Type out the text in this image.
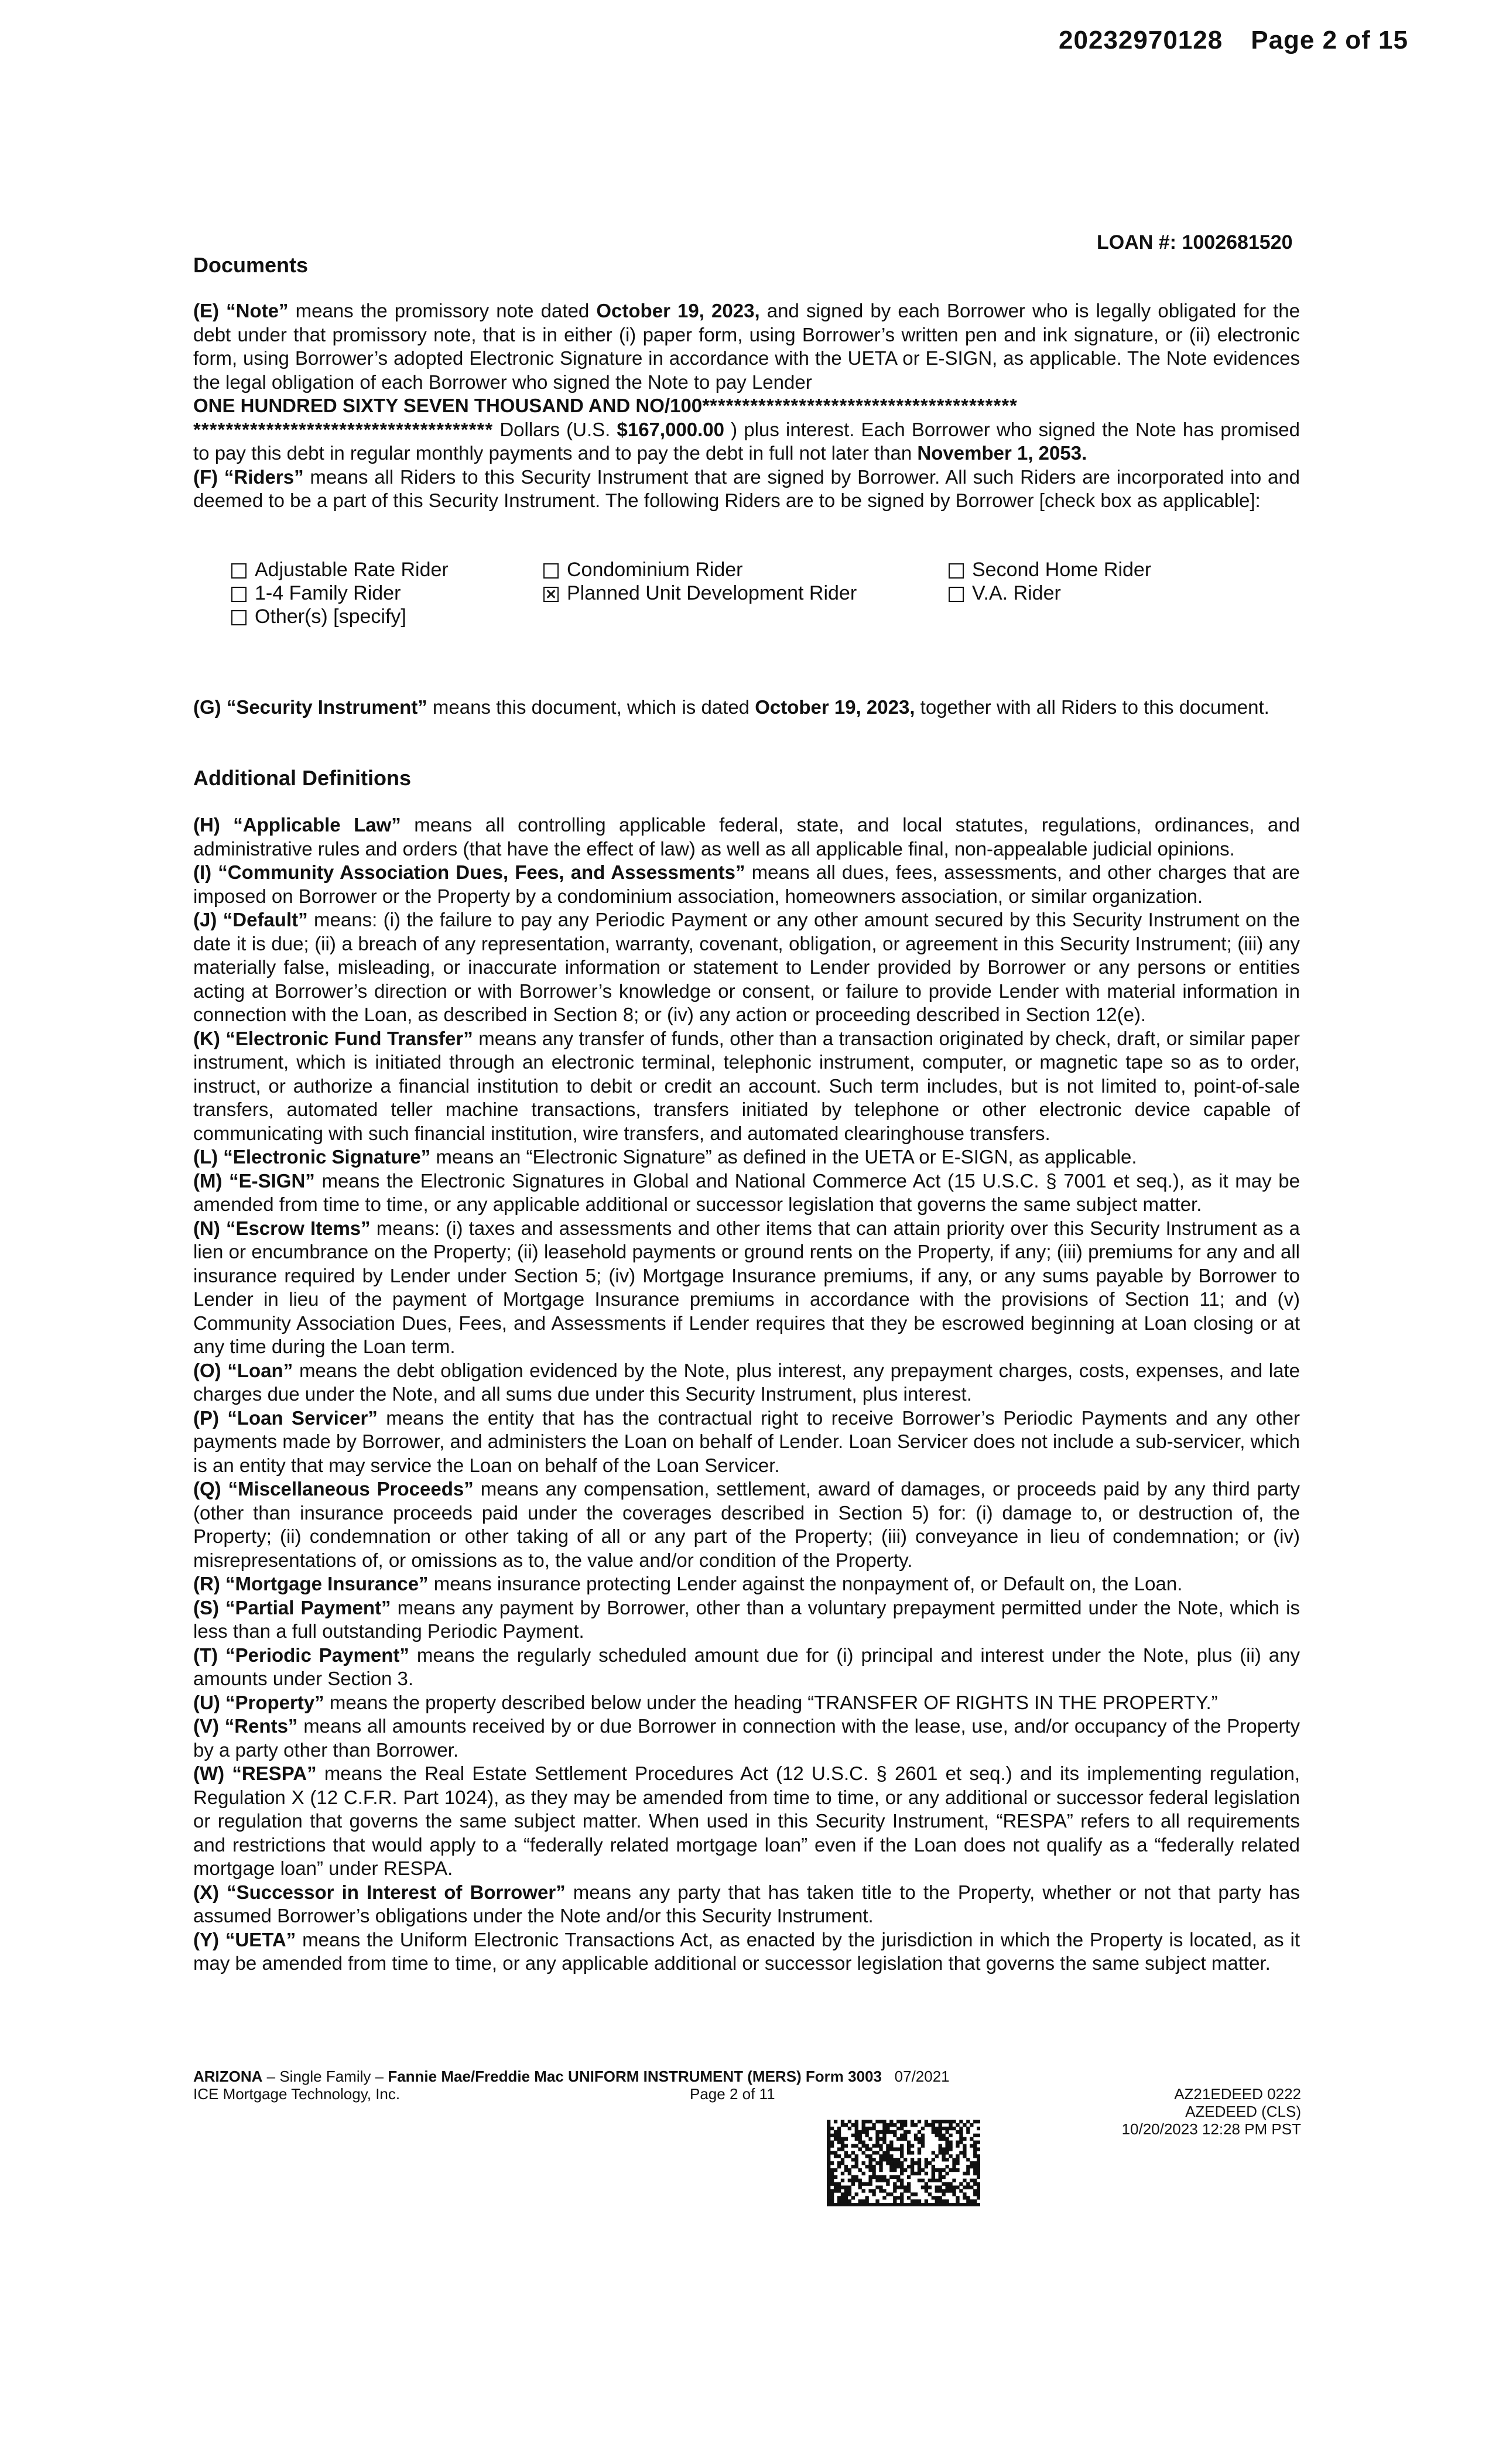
20232970128 Page 2 of 15
Documents
LOAN #: 1002681520

(E) “Note” means the promissory note dated October 19, 2023, and signed by each Borrower who is legally obligated for the debt under that promissory note, that is in either (i) paper form, using Borrower’s written pen and ink signature, or (ii) electronic form, using Borrower’s adopted Electronic Signature in accordance with the UETA or E-SIGN, as applicable. The Note evidences the legal obligation of each Borrower who signed the Note to pay Lender
ONE HUNDRED SIXTY SEVEN THOUSAND AND NO/100***************************************
************************************* Dollars (U.S. $167,000.00 ) plus interest. Each Borrower who signed the Note has promised to pay this debt in regular monthly payments and to pay the debt in full not later than November 1, 2053.

(F) “Riders” means all Riders to this Security Instrument that are signed by Borrower. All such Riders are incorporated into and deemed to be a part of this Security Instrument. The following Riders are to be signed by Borrower [check box as applicable]:

Adjustable Rate Rider
1-4 Family Rider
Other(s) [specify]
Condominium Rider
Planned Unit Development Rider
Second Home Rider
V.A. Rider

(G) “Security Instrument” means this document, which is dated October 19, 2023, together with all Riders to this document.

Additional Definitions

(H) “Applicable Law” means all controlling applicable federal, state, and local statutes, regulations, ordinances, and administrative rules and orders (that have the effect of law) as well as all applicable final, non-appealable judicial opinions.

(I) “Community Association Dues, Fees, and Assessments” means all dues, fees, assessments, and other charges that are imposed on Borrower or the Property by a condominium association, homeowners association, or similar organization.

(J) “Default” means: (i) the failure to pay any Periodic Payment or any other amount secured by this Security Instrument on the date it is due; (ii) a breach of any representation, warranty, covenant, obligation, or agreement in this Security Instrument; (iii) any materially false, misleading, or inaccurate information or statement to Lender provided by Borrower or any persons or entities acting at Borrower’s direction or with Borrower’s knowledge or consent, or failure to provide Lender with material information in connection with the Loan, as described in Section 8; or (iv) any action or proceeding described in Section 12(e).

(K) “Electronic Fund Transfer” means any transfer of funds, other than a transaction originated by check, draft, or similar paper instrument, which is initiated through an electronic terminal, telephonic instrument, computer, or magnetic tape so as to order, instruct, or authorize a financial institution to debit or credit an account. Such term includes, but is not limited to, point-of-sale transfers, automated teller machine transactions, transfers initiated by telephone or other electronic device capable of communicating with such financial institution, wire transfers, and automated clearinghouse transfers.

(L) “Electronic Signature” means an “Electronic Signature” as defined in the UETA or E-SIGN, as applicable.

(M) “E-SIGN” means the Electronic Signatures in Global and National Commerce Act (15 U.S.C. § 7001 et seq.), as it may be amended from time to time, or any applicable additional or successor legislation that governs the same subject matter.

(N) “Escrow Items” means: (i) taxes and assessments and other items that can attain priority over this Security Instrument as a lien or encumbrance on the Property; (ii) leasehold payments or ground rents on the Property, if any; (iii) premiums for any and all insurance required by Lender under Section 5; (iv) Mortgage Insurance premiums, if any, or any sums payable by Borrower to Lender in lieu of the payment of Mortgage Insurance premiums in accordance with the provisions of Section 11; and (v) Community Association Dues, Fees, and Assessments if Lender requires that they be escrowed beginning at Loan closing or at any time during the Loan term.

(O) “Loan” means the debt obligation evidenced by the Note, plus interest, any prepayment charges, costs, expenses, and late charges due under the Note, and all sums due under this Security Instrument, plus interest.

(P) “Loan Servicer” means the entity that has the contractual right to receive Borrower’s Periodic Payments and any other payments made by Borrower, and administers the Loan on behalf of Lender. Loan Servicer does not include a sub-servicer, which is an entity that may service the Loan on behalf of the Loan Servicer.

(Q) “Miscellaneous Proceeds” means any compensation, settlement, award of damages, or proceeds paid by any third party (other than insurance proceeds paid under the coverages described in Section 5) for: (i) damage to, or destruction of, the Property; (ii) condemnation or other taking of all or any part of the Property; (iii) conveyance in lieu of condemnation; or (iv) misrepresentations of, or omissions as to, the value and/or condition of the Property.

(R) “Mortgage Insurance” means insurance protecting Lender against the nonpayment of, or Default on, the Loan.

(S) “Partial Payment” means any payment by Borrower, other than a voluntary prepayment permitted under the Note, which is less than a full outstanding Periodic Payment.

(T) “Periodic Payment” means the regularly scheduled amount due for (i) principal and interest under the Note, plus (ii) any amounts under Section 3.

(U) “Property” means the property described below under the heading “TRANSFER OF RIGHTS IN THE PROPERTY.”

(V) “Rents” means all amounts received by or due Borrower in connection with the lease, use, and/or occupancy of the Property by a party other than Borrower.

(W) “RESPA” means the Real Estate Settlement Procedures Act (12 U.S.C. § 2601 et seq.) and its implementing regulation, Regulation X (12 C.F.R. Part 1024), as they may be amended from time to time, or any additional or successor federal legislation or regulation that governs the same subject matter. When used in this Security Instrument, “RESPA” refers to all requirements and restrictions that would apply to a “federally related mortgage loan” even if the Loan does not qualify as a “federally related mortgage loan” under RESPA.

(X) “Successor in Interest of Borrower” means any party that has taken title to the Property, whether or not that party has assumed Borrower’s obligations under the Note and/or this Security Instrument.

(Y) “UETA” means the Uniform Electronic Transactions Act, as enacted by the jurisdiction in which the Property is located, as it may be amended from time to time, or any applicable additional or successor legislation that governs the same subject matter.

ARIZONA – Single Family – Fannie Mae/Freddie Mac UNIFORM INSTRUMENT (MERS) Form 3003 07/2021
ICE Mortgage Technology, Inc.	Page 2 of 11	AZ21EDEED 0222
AZEDEED (CLS)
10/20/2023 12:28 PM PST
